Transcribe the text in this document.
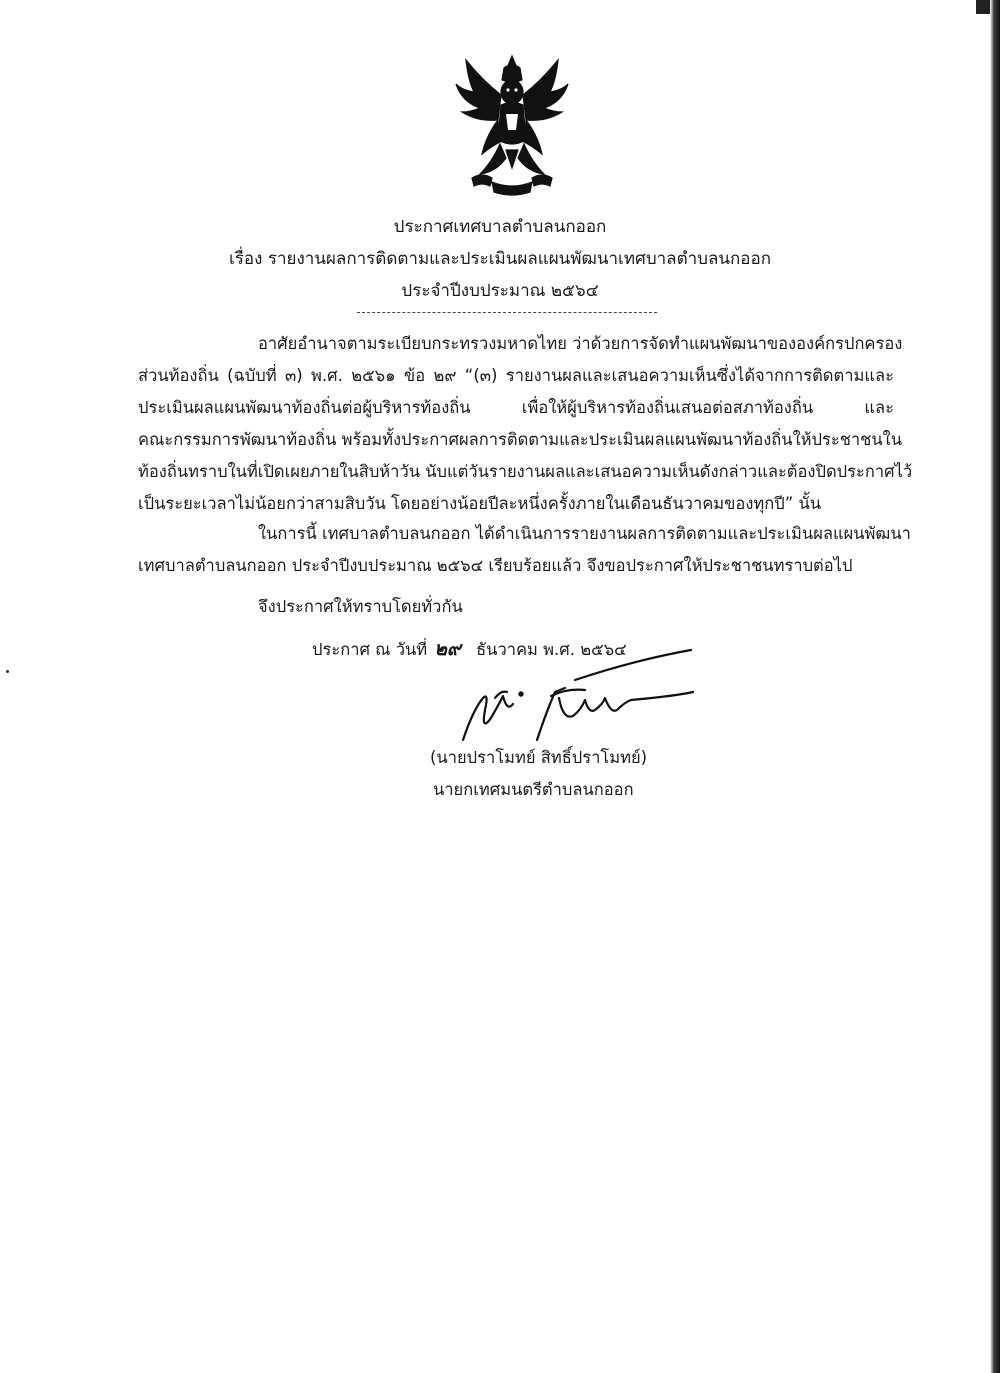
ประกาศเทศบาลตำบลนกออก
เรื่อง รายงานผลการติดตามและประเมินผลแผนพัฒนาเทศบาลตำบลนกออก
ประจำปีงบประมาณ ๒๕๖๔
อาศัยอำนาจตามระเบียบกระทรวงมหาดไทย ว่าด้วยการจัดทำแผนพัฒนาขององค์กรปกครอง
ส่วนท้องถิ่น (ฉบับที่ ๓) พ.ศ. ๒๕๖๑ ข้อ ๒๙ “(๓) รายงานผลและเสนอความเห็นซึ่งได้จากการติดตามและ
ประเมินผลแผนพัฒนาท้องถิ่นต่อผู้บริหารท้องถิ่น เพื่อให้ผู้บริหารท้องถิ่นเสนอต่อสภาท้องถิ่น และ
คณะกรรมการพัฒนาท้องถิ่น พร้อมทั้งประกาศผลการติดตามและประเมินผลแผนพัฒนาท้องถิ่นให้ประชาชนใน
ท้องถิ่นทราบในที่เปิดเผยภายในสิบห้าวัน นับแต่วันรายงานผลและเสนอความเห็นดังกล่าวและต้องปิดประกาศไว้
เป็นระยะเวลาไม่น้อยกว่าสามสิบวัน โดยอย่างน้อยปีละหนึ่งครั้งภายในเดือนธันวาคมของทุกปี” นั้น
ในการนี้ เทศบาลตำบลนกออก ได้ดำเนินการรายงานผลการติดตามและประเมินผลแผนพัฒนา
เทศบาลตำบลนกออก ประจำปีงบประมาณ ๒๕๖๔ เรียบร้อยแล้ว จึงขอประกาศให้ประชาชนทราบต่อไป
จึงประกาศให้ทราบโดยทั่วกัน
ประกาศ ณ วันที่ ๒๙ ธันวาคม พ.ศ. ๒๕๖๔
(นายปราโมทย์ สิทธิ์ปราโมทย์)
นายกเทศมนตรีตำบลนกออก
